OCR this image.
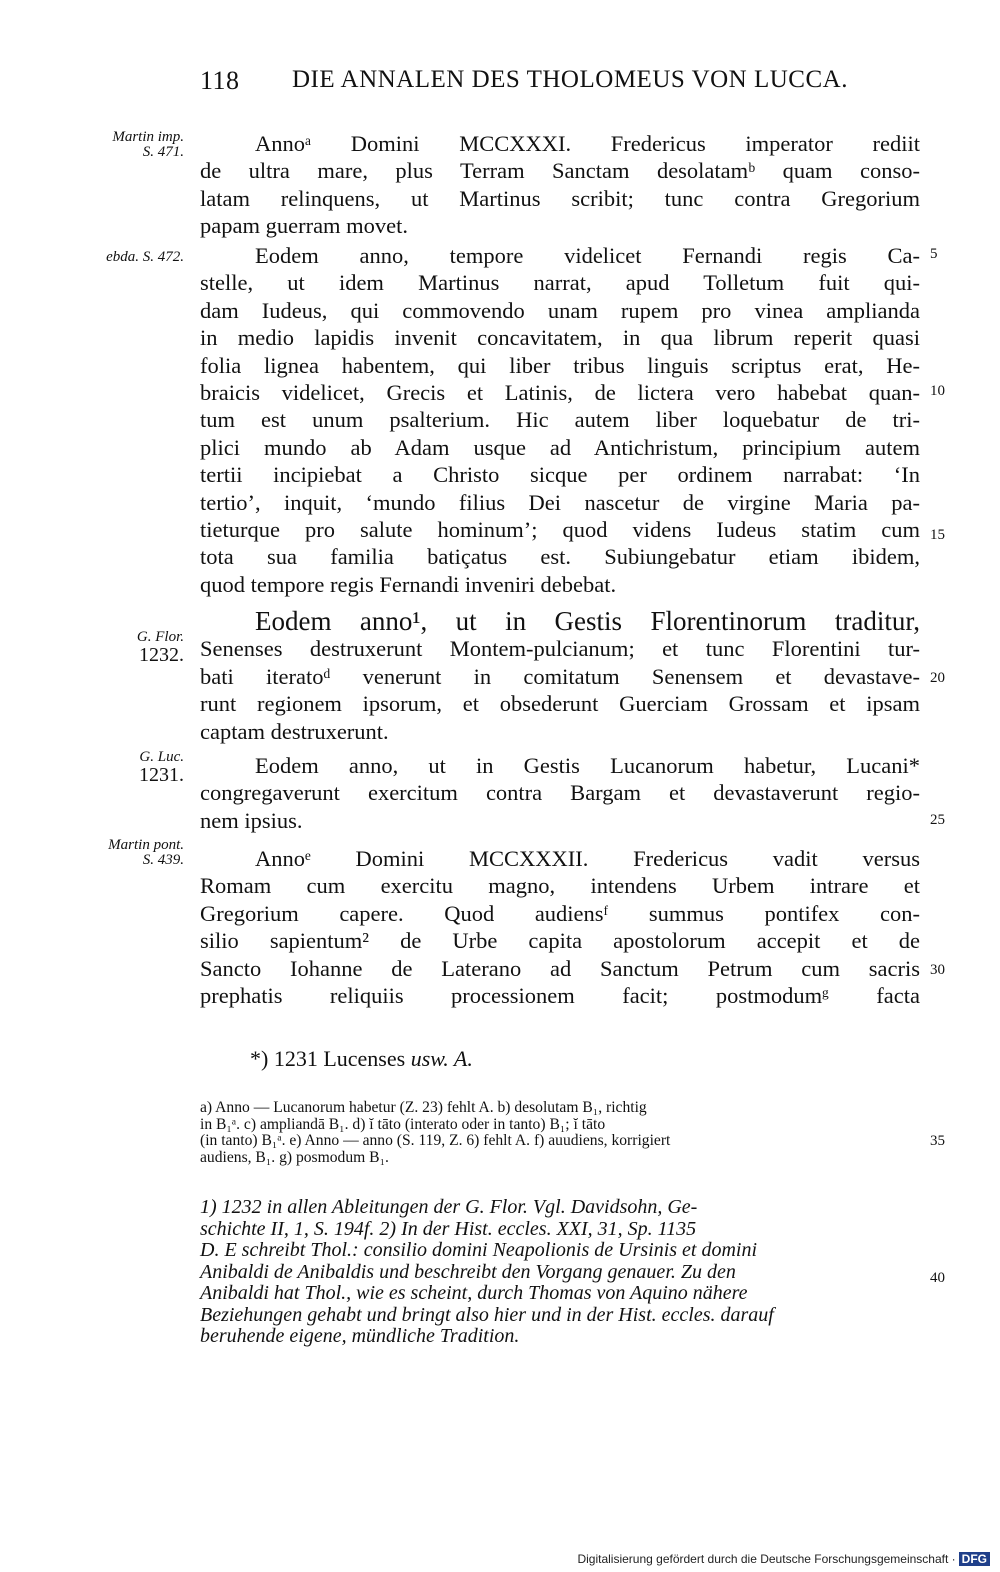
118 DIE ANNALEN DES THOLOMEUS VON LUCCA.
Martin imp.
S. 471.
ebda. S. 472.
G. Flor.
1232.
G. Luc.
1231.
Martin pont.
S. 439.
5
10
15
20
25
30
35
40
Annoᵃ Domini MCCXXXI. Fredericus imperator rediit
de ultra mare, plus Terram Sanctam desolatamᵇ quam conso-
latam relinquens, ut Martinus scribit; tunc contra Gregorium
papam guerram movet.
Eodem anno, tempore videlicet Fernandi regis Ca-
stelle, ut idem Martinus narrat, apud Tolletum fuit qui-
dam Iudeus, qui commovendo unam rupem pro vinea amplianda
in medio lapidis invenit concavitatem, in qua librum reperit quasi
folia lignea habentem, qui liber tribus linguis scriptus erat, He-
braicis videlicet, Grecis et Latinis, de lictera vero habebat quan-
tum est unum psalterium. Hic autem liber loquebatur de tri-
plici mundo ab Adam usque ad Antichristum, principium autem
tertii incipiebat a Christo sicque per ordinem narrabat: ‘In
tertio’, inquit, ‘mundo filius Dei nascetur de virgine Maria pa-
tieturque pro salute hominum’; quod videns Iudeus statim cum
tota sua familia batiçatus est. Subiungebatur etiam ibidem,
quod tempore regis Fernandi inveniri debebat.
Eodem anno¹, ut in Gestis Florentinorum traditur,
Senenses destruxerunt Montem-pulcianum; et tunc Florentini tur-
bati iteratoᵈ venerunt in comitatum Senensem et devastave-
runt regionem ipsorum, et obsederunt Guerciam Grossam et ipsam
captam destruxerunt.
Eodem anno, ut in Gestis Lucanorum habetur, Lucani*
congregaverunt exercitum contra Bargam et devastaverunt regio-
nem ipsius.
Annoᵉ Domini MCCXXXII. Fredericus vadit versus
Romam cum exercitu magno, intendens Urbem intrare et
Gregorium capere. Quod audiensᶠ summus pontifex con-
silio sapientum² de Urbe capita apostolorum accepit et de
Sancto Iohanne de Laterano ad Sanctum Petrum cum sacris
prephatis reliquiis processionem facit; postmodumᵍ facta
*) 1231 Lucenses usw. A.
a) Anno — Lucanorum habetur (Z. 23) fehlt A. b) desolutam B₁, richtig
in B₁ᵃ. c) ampliandā B₁. d) ĭ tāto (interato oder in tanto) B₁; ĭ tāto
(in tanto) B₁ᵃ. e) Anno — anno (S. 119, Z. 6) fehlt A. f) auudiens, korrigiert
audiens, B₁. g) posmodum B₁.
1) 1232 in allen Ableitungen der G. Flor. Vgl. Davidsohn, Ge-
schichte II, 1, S. 194f. 2) In der Hist. eccles. XXI, 31, Sp. 1135
D. E schreibt Thol.: consilio domini Neapolionis de Ursinis et domini
Anibaldi de Anibaldis und beschreibt den Vorgang genauer. Zu den
Anibaldi hat Thol., wie es scheint, durch Thomas von Aquino nähere
Beziehungen gehabt und bringt also hier und in der Hist. eccles. darauf
beruhende eigene, mündliche Tradition.
Digitalisierung gefördert durch die Deutsche Forschungsgemeinschaft · DFG
